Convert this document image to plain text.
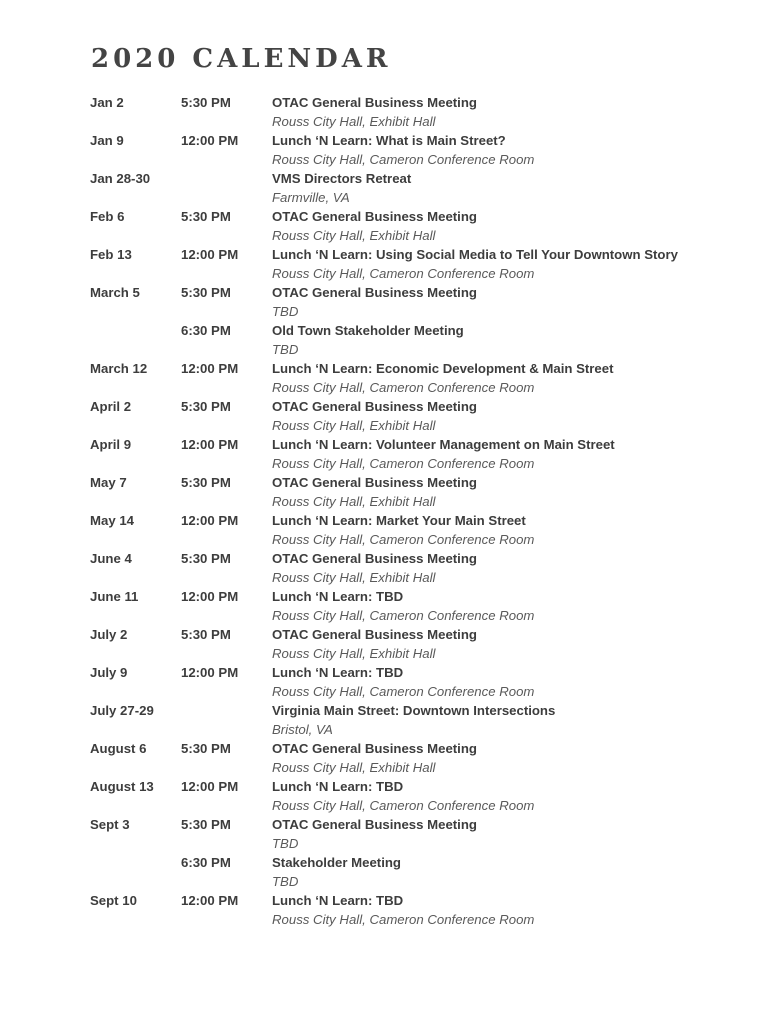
2020 CALENDAR
Jan 2	5:30 PM	OTAC General Business Meeting
Rouss City Hall, Exhibit Hall
Jan 9	12:00 PM	Lunch ‘N Learn: What is Main Street?
Rouss City Hall, Cameron Conference Room
Jan 28-30	VMS Directors Retreat
Farmville, VA
Feb 6	5:30 PM	OTAC General Business Meeting
Rouss City Hall, Exhibit Hall
Feb 13	12:00 PM	Lunch ‘N Learn: Using Social Media to Tell Your Downtown Story
Rouss City Hall, Cameron Conference Room
March 5	5:30 PM	OTAC General Business Meeting
TBD
6:30 PM	Old Town Stakeholder Meeting
TBD
March 12	12:00 PM	Lunch ‘N Learn: Economic Development & Main Street
Rouss City Hall, Cameron Conference Room
April 2	5:30 PM	OTAC General Business Meeting
Rouss City Hall, Exhibit Hall
April 9	12:00 PM	Lunch ‘N Learn: Volunteer Management on Main Street
Rouss City Hall, Cameron Conference Room
May 7	5:30 PM	OTAC General Business Meeting
Rouss City Hall, Exhibit Hall
May 14	12:00 PM	Lunch ‘N Learn: Market Your Main Street
Rouss City Hall, Cameron Conference Room
June 4	5:30 PM	OTAC General Business Meeting
Rouss City Hall, Exhibit Hall
June 11	12:00 PM	Lunch ‘N Learn: TBD
Rouss City Hall, Cameron Conference Room
July 2	5:30 PM	OTAC General Business Meeting
Rouss City Hall, Exhibit Hall
July 9	12:00 PM	Lunch ‘N Learn: TBD
Rouss City Hall, Cameron Conference Room
July 27-29	Virginia Main Street: Downtown Intersections
Bristol, VA
August 6	5:30 PM	OTAC General Business Meeting
Rouss City Hall, Exhibit Hall
August 13	12:00 PM	Lunch ‘N Learn: TBD
Rouss City Hall, Cameron Conference Room
Sept 3	5:30 PM	OTAC General Business Meeting
TBD
6:30 PM	Stakeholder Meeting
TBD
Sept 10	12:00 PM	Lunch ‘N Learn: TBD
Rouss City Hall, Cameron Conference Room
